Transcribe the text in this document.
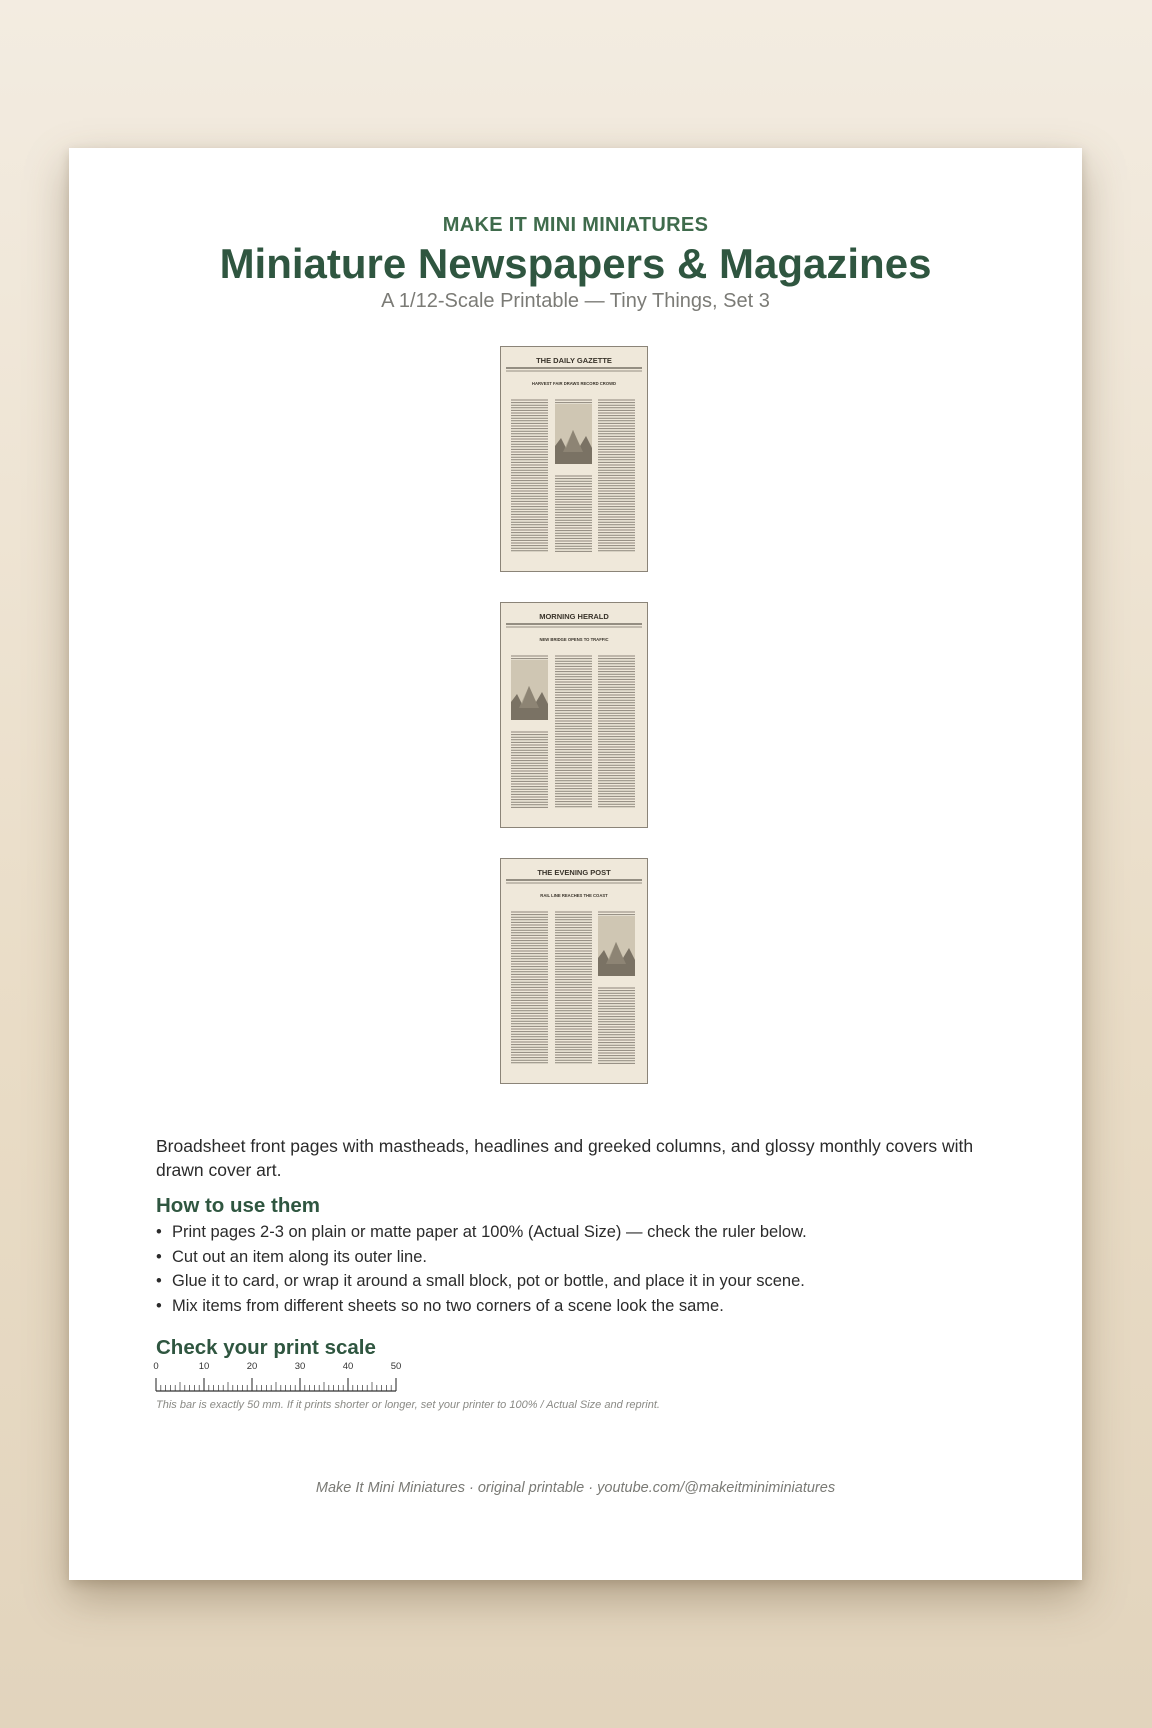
MAKE IT MINI MINIATURES
Miniature Newspapers & Magazines
A 1/12-Scale Printable — Tiny Things, Set 3
THE DAILY GAZETTE
HARVEST FAIR DRAWS RECORD CROWD
MORNING HERALD
NEW BRIDGE OPENS TO TRAFFIC
THE EVENING POST
RAIL LINE REACHES THE COAST
Broadsheet front pages with mastheads, headlines and greeked columns, and glossy monthly covers with drawn cover art.
How to use them
• Print pages 2-3 on plain or matte paper at 100% (Actual Size) — check the ruler below.
• Cut out an item along its outer line.
• Glue it to card, or wrap it around a small block, pot or bottle, and place it in your scene.
• Mix items from different sheets so no two corners of a scene look the same.
Check your print scale
0	10	20	30	40	50
This bar is exactly 50 mm. If it prints shorter or longer, set your printer to 100% / Actual Size and reprint.
Make It Mini Miniatures · original printable · youtube.com/@makeitminiminiatures
